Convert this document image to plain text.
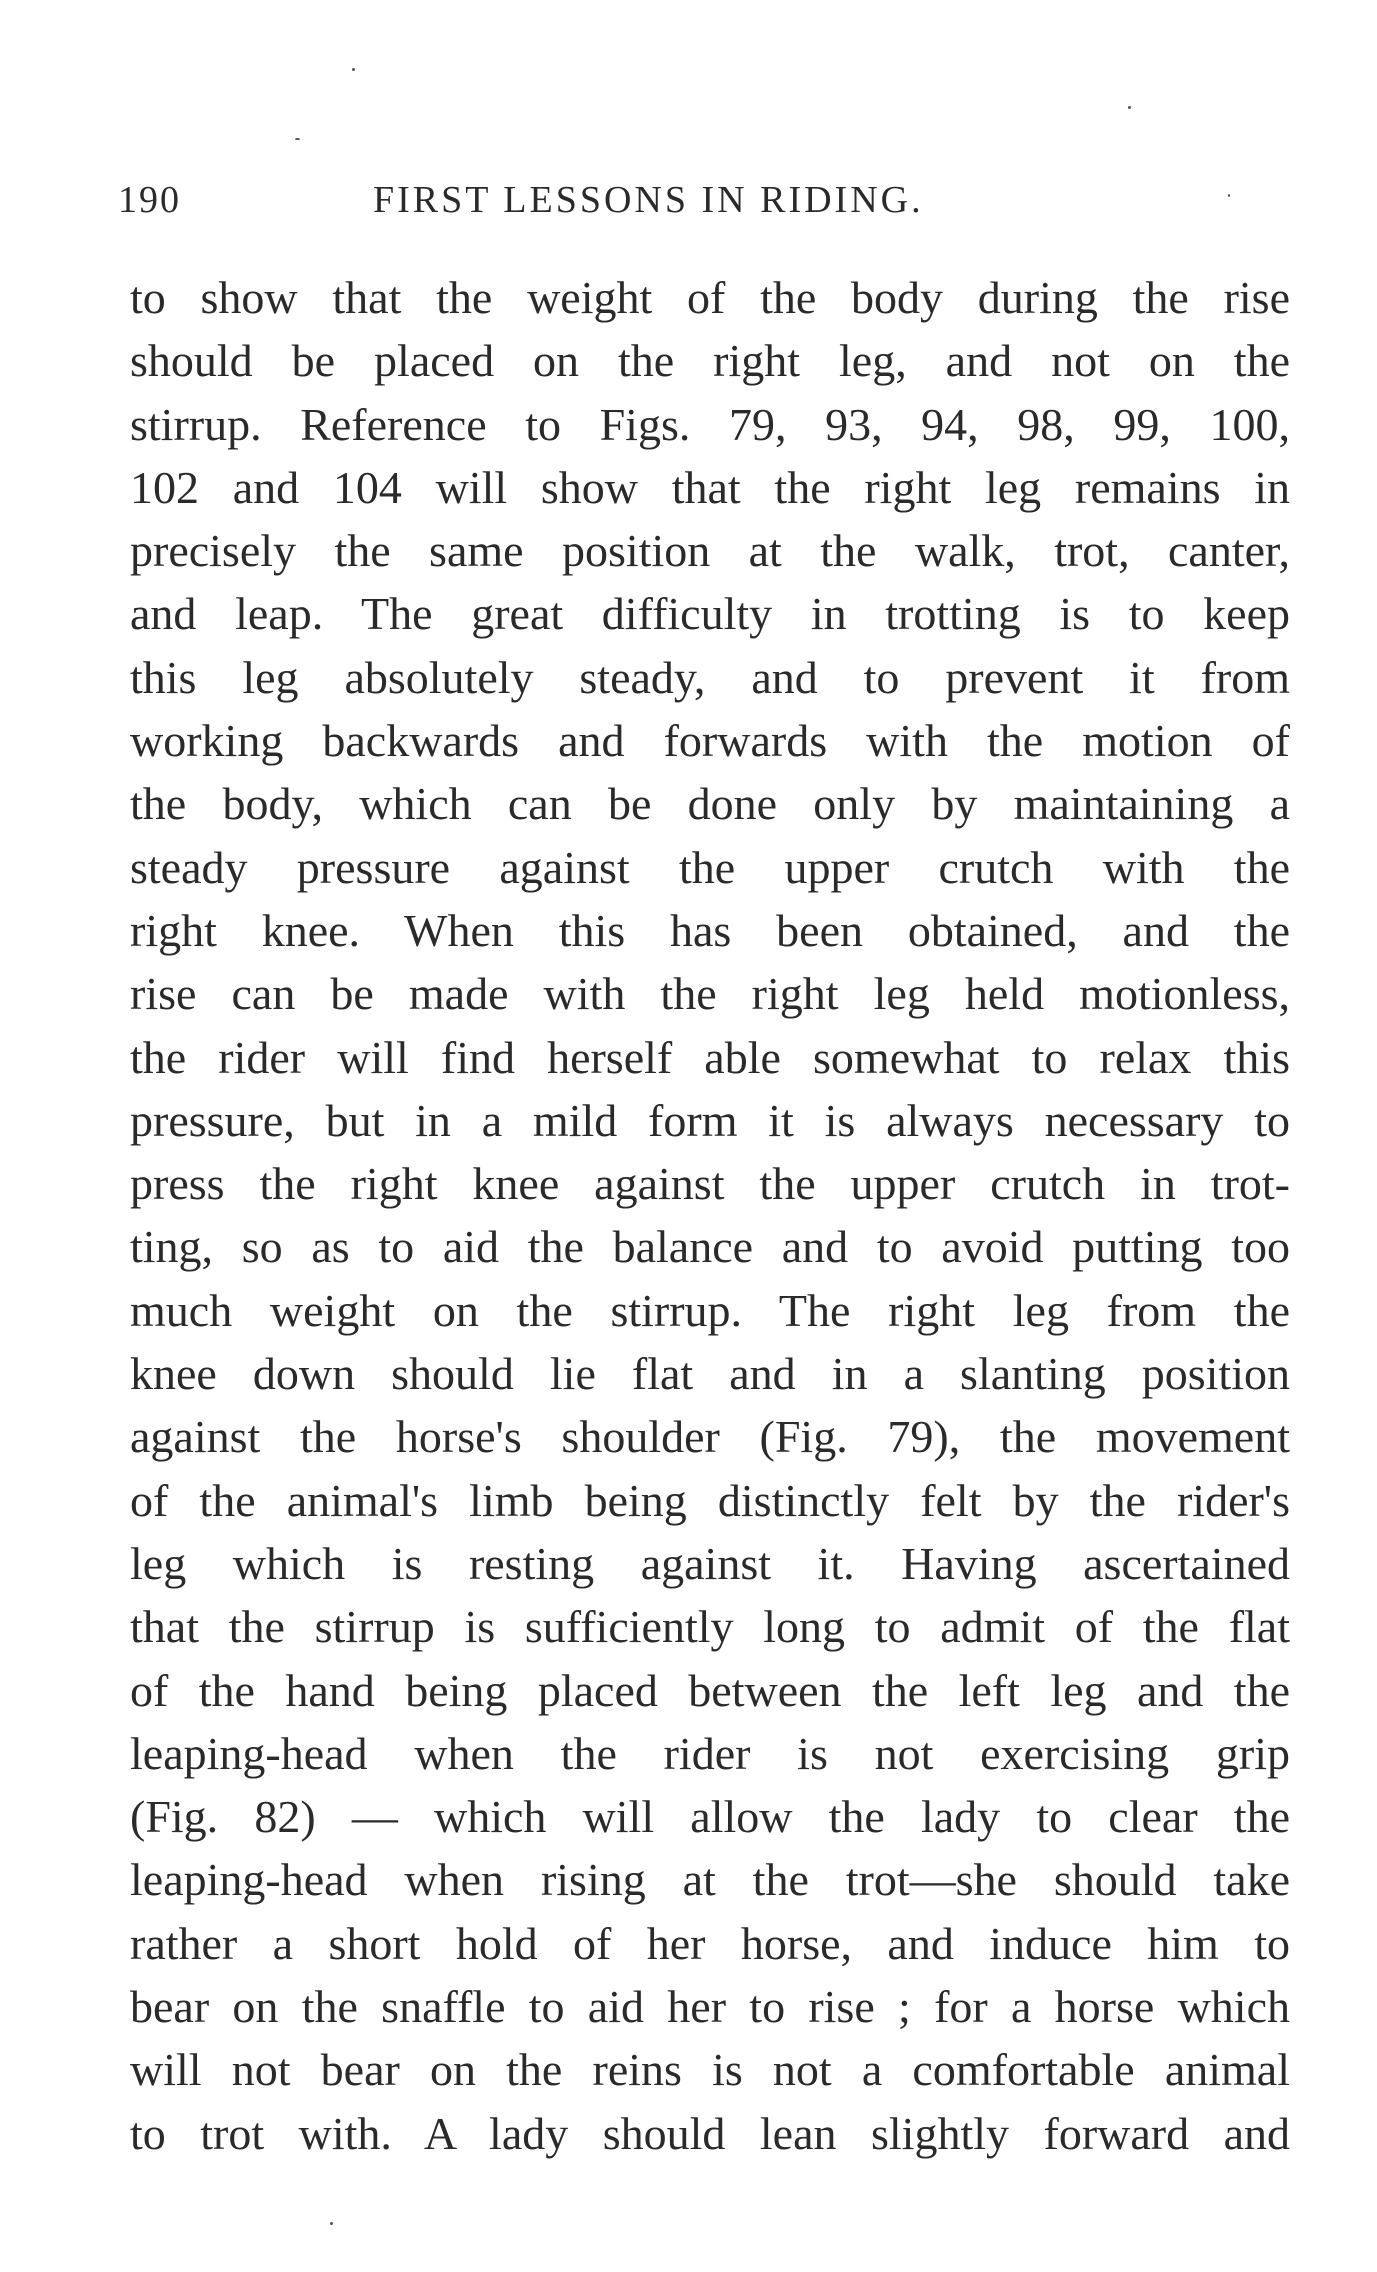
190	FIRST LESSONS IN RIDING.
to show that the weight of the body during the rise
should be placed on the right leg, and not on the
stirrup. Reference to Figs. 79, 93, 94, 98, 99, 100,
102 and 104 will show that the right leg remains in
precisely the same position at the walk, trot, canter,
and leap. The great difficulty in trotting is to keep
this leg absolutely steady, and to prevent it from
working backwards and forwards with the motion of
the body, which can be done only by maintaining a
steady pressure against the upper crutch with the
right knee. When this has been obtained, and the
rise can be made with the right leg held motionless,
the rider will find herself able somewhat to relax this
pressure, but in a mild form it is always necessary to
press the right knee against the upper crutch in trot-
ting, so as to aid the balance and to avoid putting too
much weight on the stirrup. The right leg from the
knee down should lie flat and in a slanting position
against the horse's shoulder (Fig. 79), the movement
of the animal's limb being distinctly felt by the rider's
leg which is resting against it. Having ascertained
that the stirrup is sufficiently long to admit of the flat
of the hand being placed between the left leg and the
leaping-head when the rider is not exercising grip
(Fig. 82) — which will allow the lady to clear the
leaping-head when rising at the trot—she should take
rather a short hold of her horse, and induce him to
bear on the snaffle to aid her to rise ; for a horse which
will not bear on the reins is not a comfortable animal
to trot with. A lady should lean slightly forward and
